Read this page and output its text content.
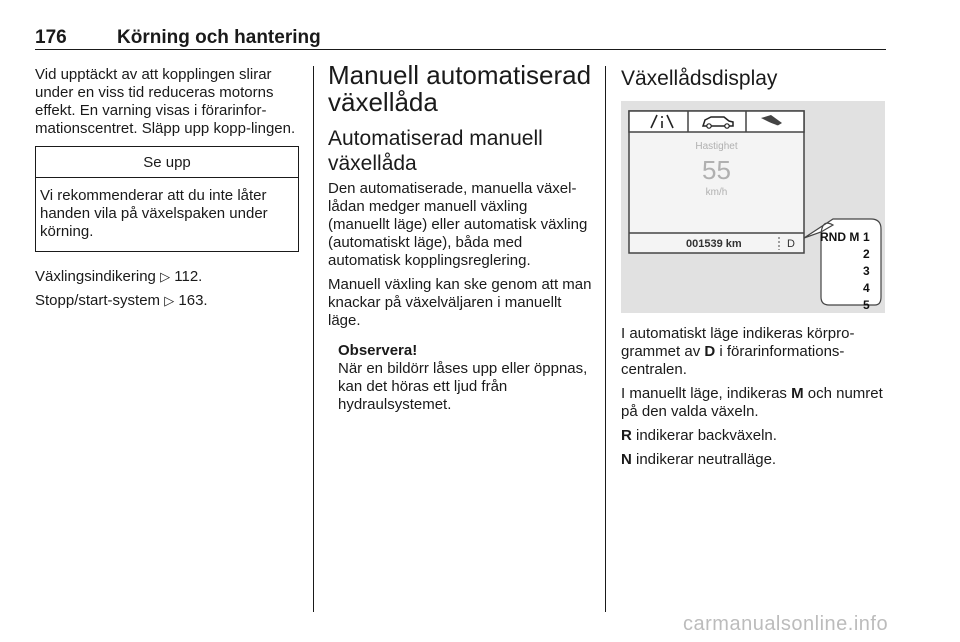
176	Körning och hantering

Vid upptäckt av att kopplingen slirar under en viss tid reduceras motorns effekt. En varning visas i förarinfor-mationscentret. Släpp upp kopp-lingen.

Se upp
Vi rekommenderar att du inte låter handen vila på växelspaken under körning.

Växlingsindikering ▷ 112.

Stopp/start-system ▷ 163.

Manuell automatiserad växellåda
Automatiserad manuell växellåda

Den automatiserade, manuella växel-lådan medger manuell växling (manuellt läge) eller automatisk växling (automatiskt läge), båda med automatisk kopplingsreglering.

Manuell växling kan ske genom att man knackar på växelväljaren i manuellt läge.

Observera!
När en bildörr låses upp eller öppnas, kan det höras ett ljud från hydraulsystemet.
Växellådsdisplay
Hastighet
55
km/h
001539 km	D RND M 1
2
3
4
5

I automatiskt läge indikeras körpro-grammet av D i förarinformations-centralen.

I manuellt läge, indikeras M och numret på den valda växeln.

R indikerar backväxeln.

N indikerar neutralläge.

carmanualsonline.info
